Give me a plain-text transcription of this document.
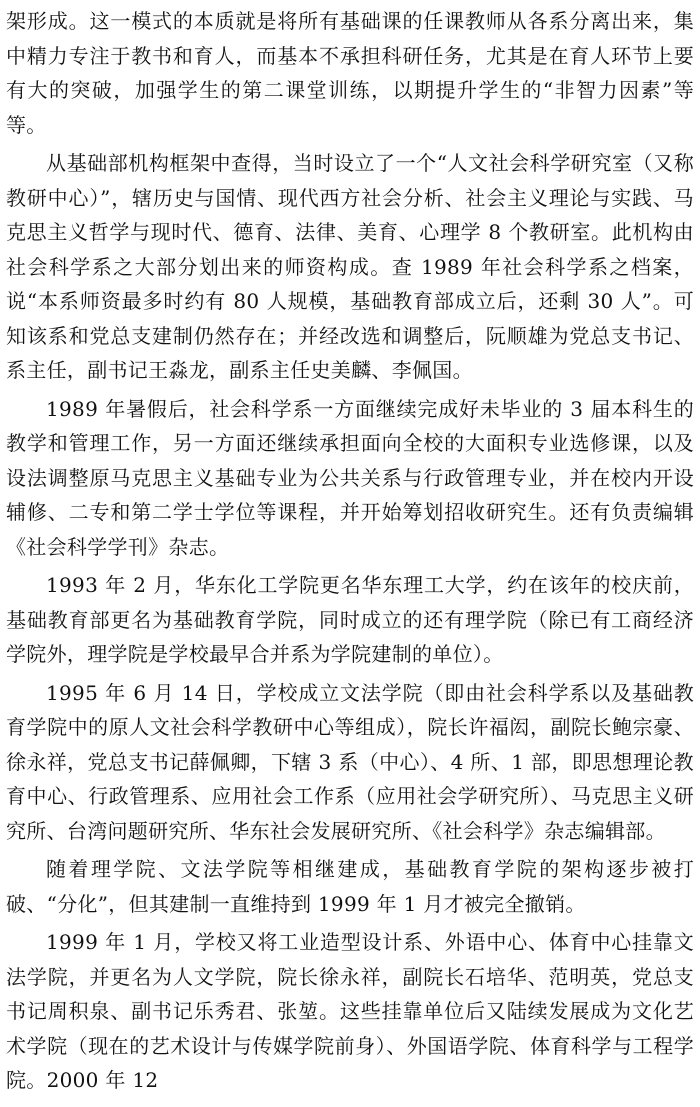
架形成。这一模式的本质就是将所有基础课的任课教师从各系分离出来，集中精力专注于教书和育人，而基本不承担科研任务，尤其是在育人环节上要有大的突破，加强学生的第二课堂训练，以期提升学生的“非智力因素”等等。

从基础部机构框架中查得，当时设立了一个“人文社会科学研究室（又称教研中心）”，辖历史与国情、现代西方社会分析、社会主义理论与实践、马克思主义哲学与现时代、德育、法律、美育、心理学 8 个教研室。此机构由社会科学系之大部分划出来的师资构成。查 1989 年社会科学系之档案，说“本系师资最多时约有 80 人规模，基础教育部成立后，还剩 30 人”。可知该系和党总支建制仍然存在；并经改选和调整后，阮顺雄为党总支书记、系主任，副书记王淼龙，副系主任史美麟、李佩国。

1989 年暑假后，社会科学系一方面继续完成好未毕业的 3 届本科生的教学和管理工作，另一方面还继续承担面向全校的大面积专业选修课，以及设法调整原马克思主义基础专业为公共关系与行政管理专业，并在校内开设辅修、二专和第二学士学位等课程，并开始筹划招收研究生。还有负责编辑《社会科学学刊》杂志。

1993 年 2 月，华东化工学院更名华东理工大学，约在该年的校庆前，基础教育部更名为基础教育学院，同时成立的还有理学院（除已有工商经济学院外，理学院是学校最早合并系为学院建制的单位）。

1995 年 6 月 14 日，学校成立文法学院（即由社会科学系以及基础教育学院中的原人文社会科学教研中心等组成），院长许福闳，副院长鲍宗豪、徐永祥，党总支书记薛佩卿，下辖 3 系（中心）、4 所、1 部，即思想理论教育中心、行政管理系、应用社会工作系（应用社会学研究所）、马克思主义研究所、台湾问题研究所、华东社会发展研究所、《社会科学》杂志编辑部。

随着理学院、文法学院等相继建成，基础教育学院的架构逐步被打破、“分化”，但其建制一直维持到 1999 年 1 月才被完全撤销。

1999 年 1 月，学校又将工业造型设计系、外语中心、体育中心挂靠文法学院，并更名为人文学院，院长徐永祥，副院长石培华、范明英，党总支书记周积泉、副书记乐秀君、张堃。这些挂靠单位后又陆续发展成为文化艺术学院（现在的艺术设计与传媒学院前身）、外国语学院、体育科学与工程学院。2000 年 12
